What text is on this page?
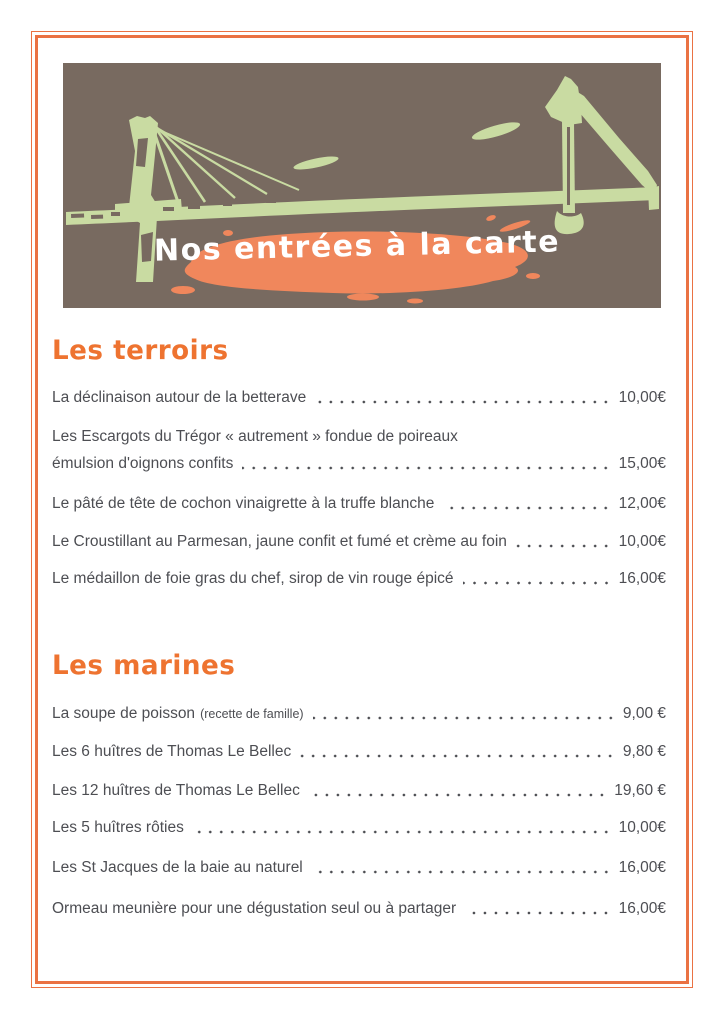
Nos entrées à la carte
Les terroirs
La déclinaison autour de la betterave	10,00€
Les Escargots du Trégor « autrement » fondue de poireaux
émulsion d'oignons confits	15,00€
Le pâté de tête de cochon vinaigrette à la truffe blanche	12,00€
Le Croustillant au Parmesan, jaune confit et fumé et crème au foin	10,00€
Le médaillon de foie gras du chef, sirop de vin rouge épicé	16,00€
Les marines
La soupe de poisson (recette de famille)	9,00 €
Les 6 huîtres de Thomas Le Bellec	9,80 €
Les 12 huîtres de Thomas Le Bellec	19,60 €
Les 5 huîtres rôties	10,00€
Les St Jacques de la baie au naturel	16,00€
Ormeau meunière pour une dégustation seul ou à partager	16,00€
